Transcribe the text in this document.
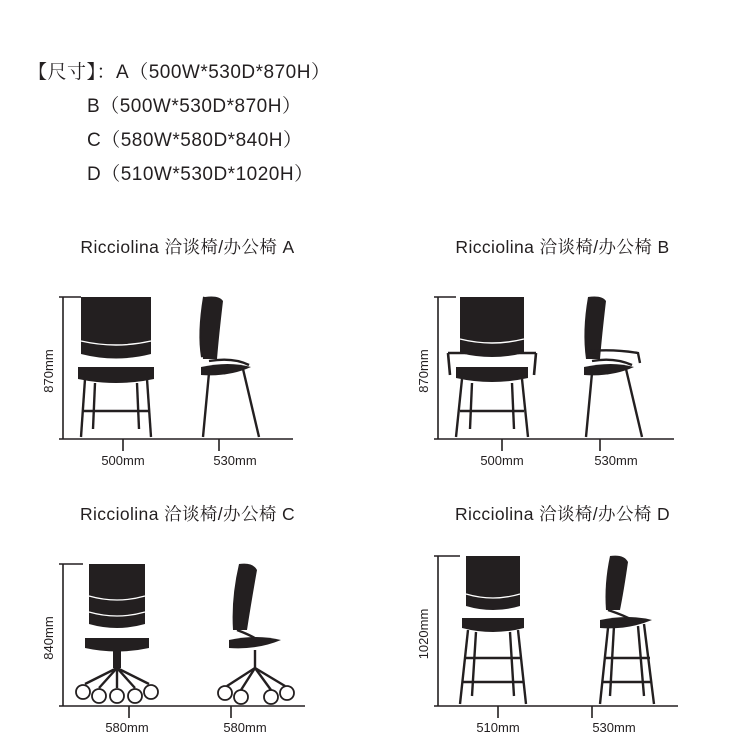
【尺寸】：A（500W*530D*870H）
B（500W*530D*870H）
C（580W*580D*840H）
D（510W*530D*1020H）
Ricciolina 洽谈椅/办公椅 A
870mm
500mm	530mm
Ricciolina 洽谈椅/办公椅 B
870mm
500mm	530mm
Ricciolina 洽谈椅/办公椅 C
840mm
580mm	580mm
Ricciolina 洽谈椅/办公椅 D
1020mm
510mm	530mm
